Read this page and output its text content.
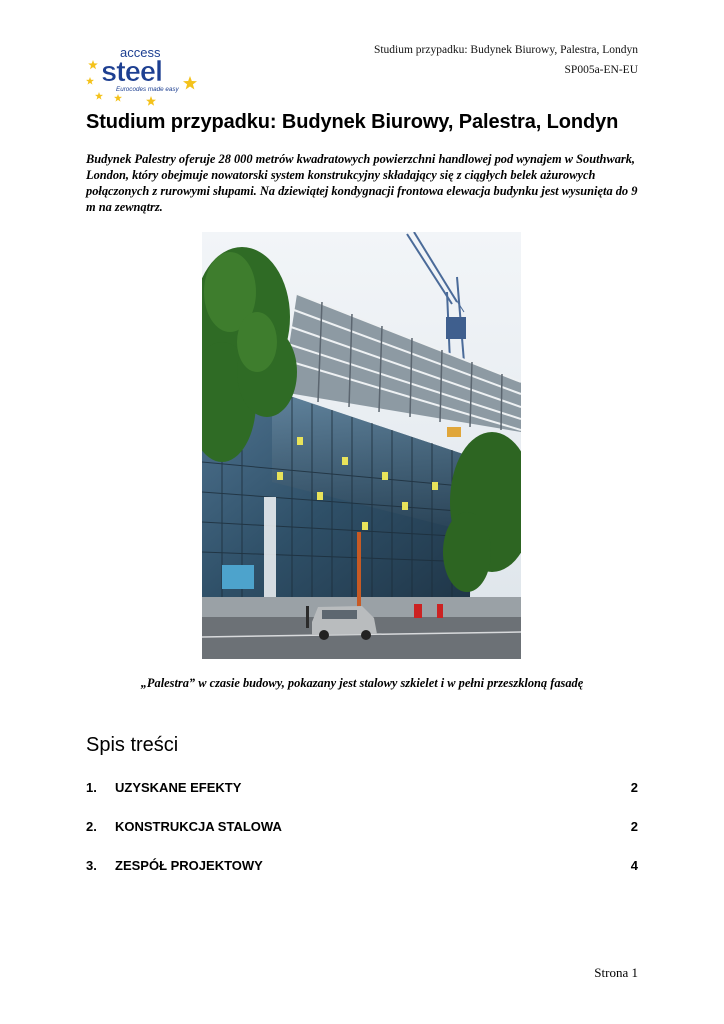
Studium przypadku: Budynek Biurowy, Palestra, Londyn
SP005a-EN-EU
access
steel
Eurocodes made easy
Studium przypadku: Budynek Biurowy, Palestra, Londyn

Budynek Palestry oferuje 28 000 metrów kwadratowych powierzchni handlowej pod wynajem w Southwark, London, który obejmuje nowatorski system konstrukcyjny składający się z ciągłych belek ażurowych połączonych z rurowymi słupami. Na dziewiątej kondygnacji frontowa elewacja budynku jest wysunięta do 9 m na zewnątrz.

„Palestra” w czasie budowy, pokazany jest stalowy szkielet i w pełni przeszkloną fasadę

Spis treści
1. UZYSKANE EFEKTY	2
2. KONSTRUKCJA STALOWA	2
3. ZESPÓŁ PROJEKTOWY	4
Strona 1
